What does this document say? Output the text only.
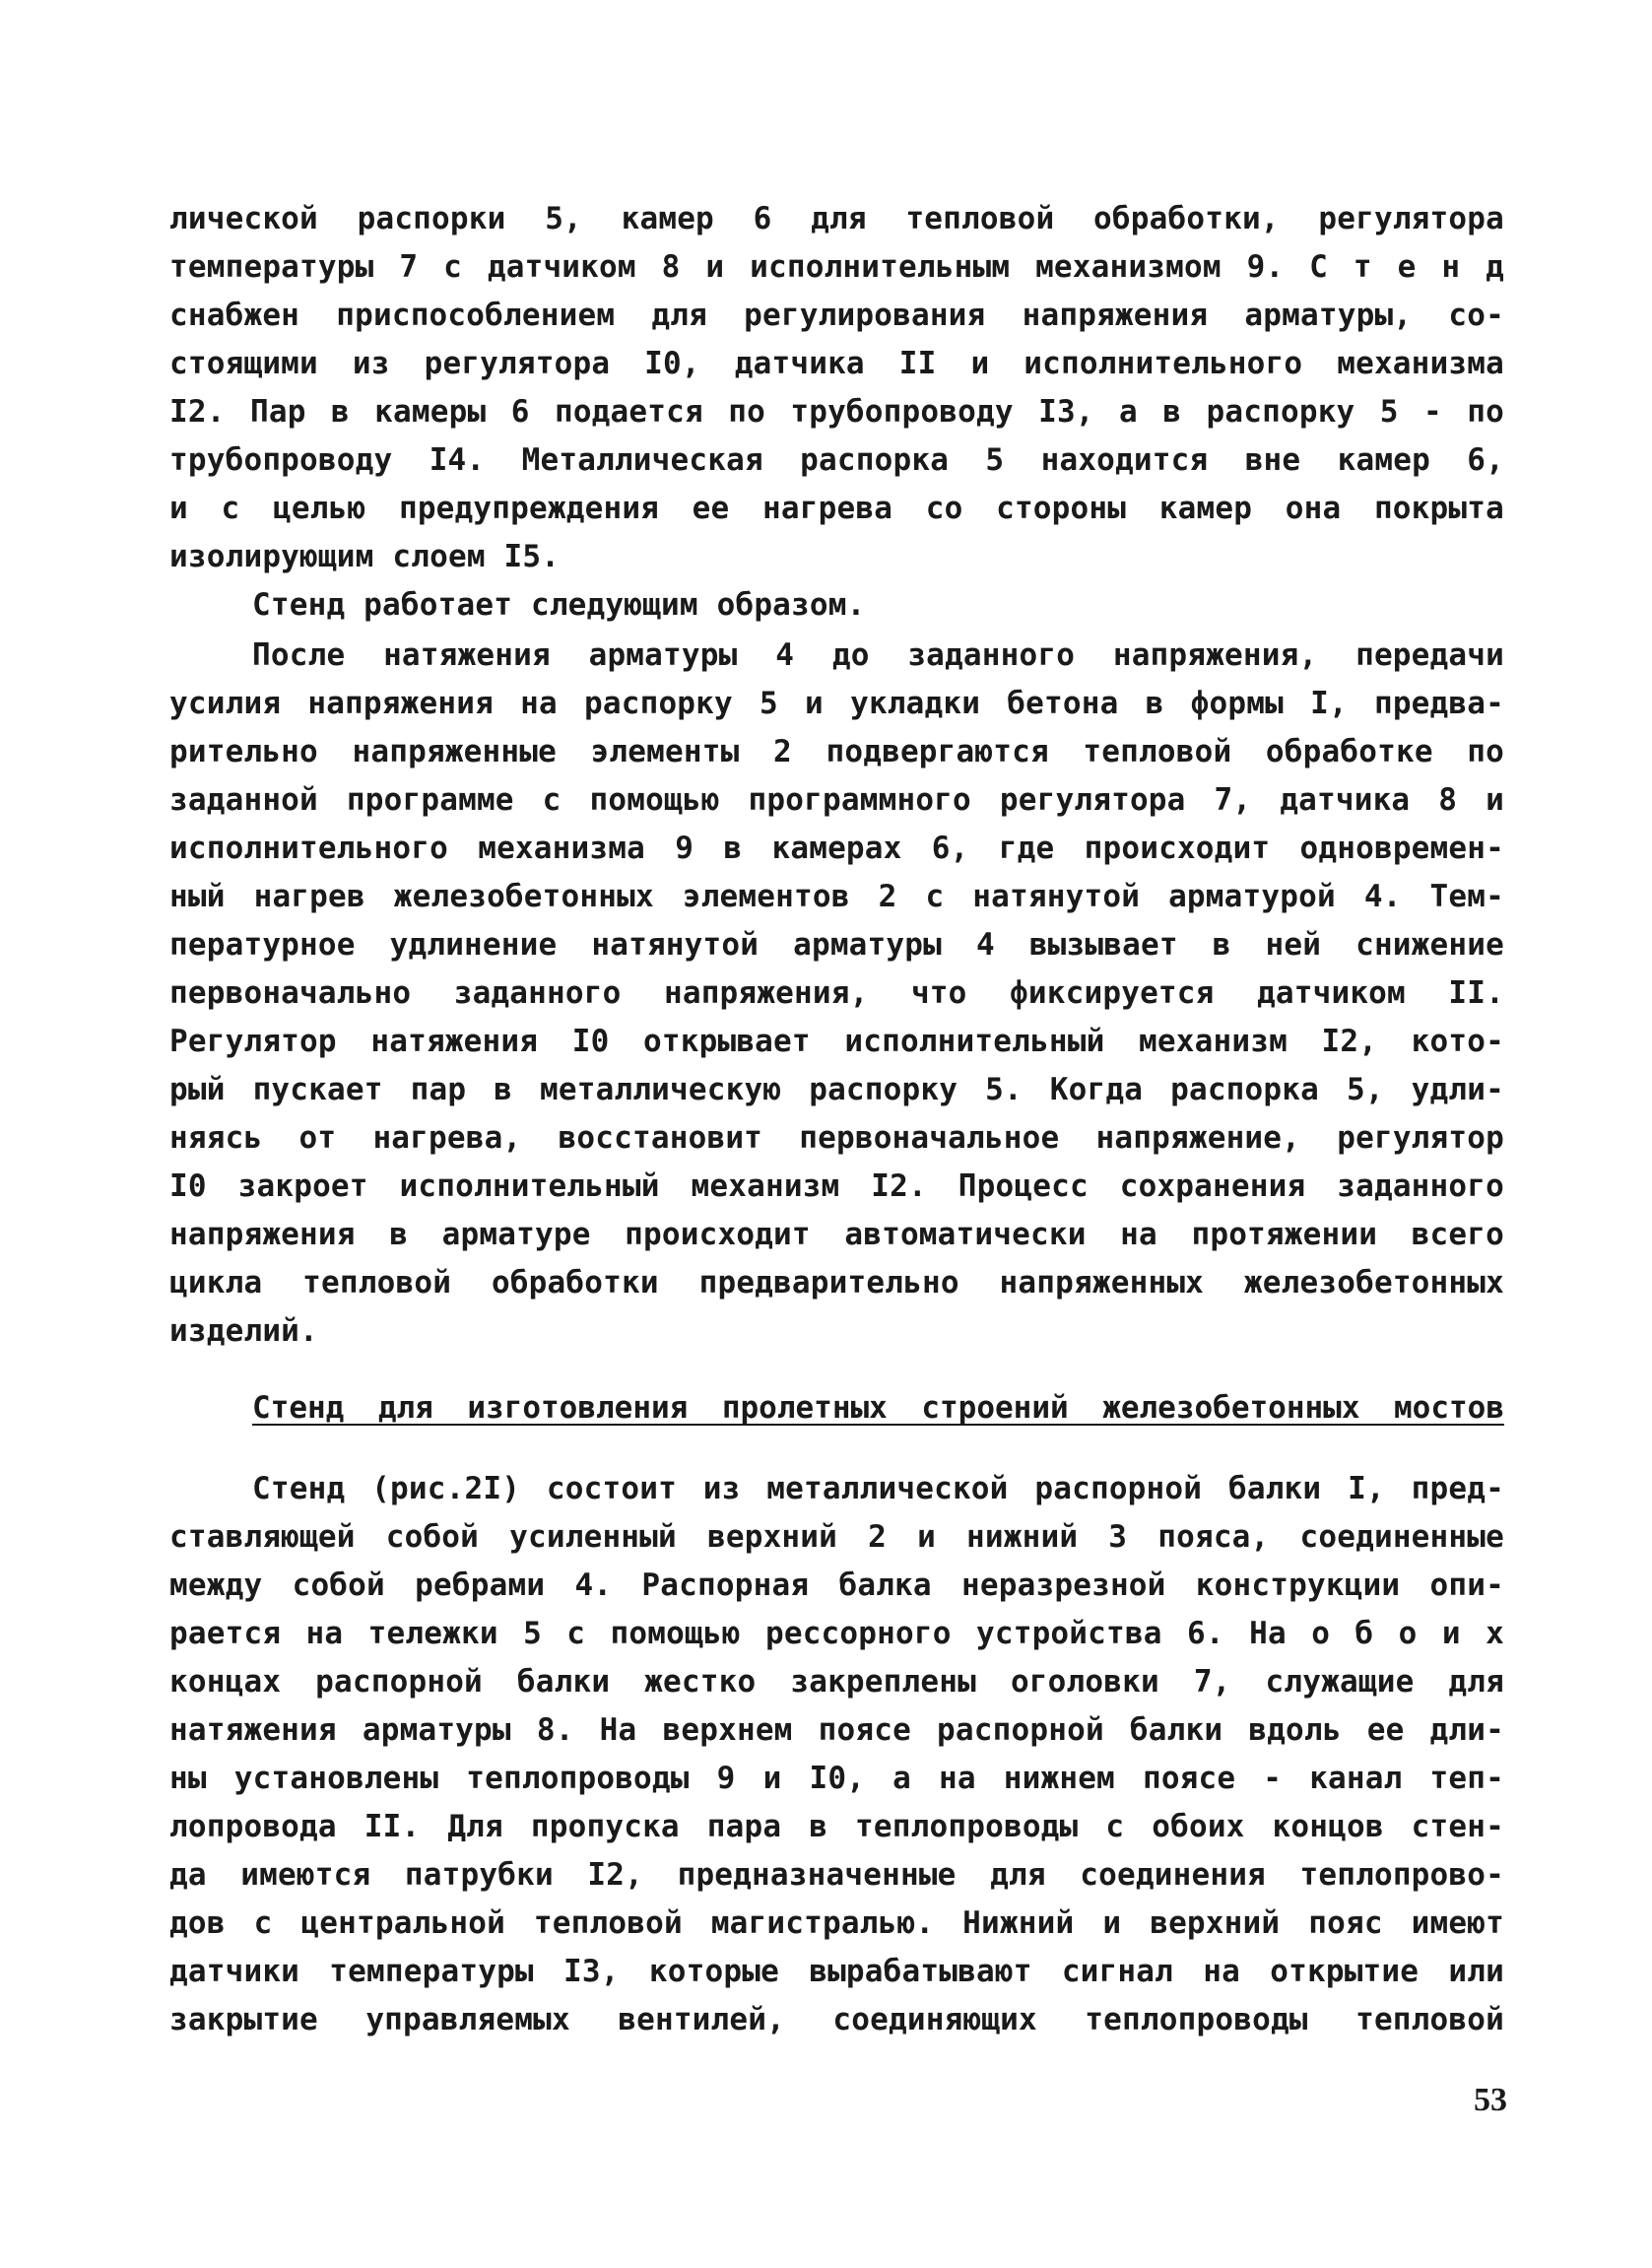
лической распорки 5, камер 6 для тепловой обработки, регулятора
температуры 7 с датчиком 8 и исполнительным механизмом 9. С т е н д
снабжен приспособлением для регулирования напряжения арматуры, со-
стоящими из регулятора I0, датчика II и исполнительного механизма
I2. Пар в камеры 6 подается по трубопроводу I3, а в распорку 5 - по
трубопроводу I4. Металлическая распорка 5 находится вне камер 6,
и с целью предупреждения ее нагрева со стороны камер она покрыта
изолирующим слоем I5.
Стенд работает следующим образом.
После натяжения арматуры 4 до заданного напряжения, передачи
усилия напряжения на распорку 5 и укладки бетона в формы I, предва-
рительно напряженные элементы 2 подвергаются тепловой обработке по
заданной программе с помощью программного регулятора 7, датчика 8 и
исполнительного механизма 9 в камерах 6, где происходит одновремен-
ный нагрев железобетонных элементов 2 с натянутой арматурой 4. Тем-
пературное удлинение натянутой арматуры 4 вызывает в ней снижение
первоначально заданного напряжения, что фиксируется датчиком II.
Регулятор натяжения I0 открывает исполнительный механизм I2, кото-
рый пускает пар в металлическую распорку 5. Когда распорка 5, удли-
няясь от нагрева, восстановит первоначальное напряжение, регулятор
I0 закроет исполнительный механизм I2. Процесс сохранения заданного
напряжения в арматуре происходит автоматически на протяжении всего
цикла тепловой обработки предварительно напряженных железобетонных
изделий.
Стенд для изготовления пролетных строений железобетонных мостов
Стенд (рис.2I) состоит из металлической распорной балки I, пред-
ставляющей собой усиленный верхний 2 и нижний 3 пояса, соединенные
между собой ребрами 4. Распорная балка неразрезной конструкции опи-
рается на тележки 5 с помощью рессорного устройства 6. На о б о и х
концах распорной балки жестко закреплены оголовки 7, служащие для
натяжения арматуры 8. На верхнем поясе распорной балки вдоль ее дли-
ны установлены теплопроводы 9 и I0, а на нижнем поясе - канал теп-
лопровода II. Для пропуска пара в теплопроводы с обоих концов стен-
да имеются патрубки I2, предназначенные для соединения теплопрово-
дов с центральной тепловой магистралью. Нижний и верхний пояс имеют
датчики температуры I3, которые вырабатывают сигнал на открытие или
закрытие управляемых вентилей, соединяющих теплопроводы тепловой
53
